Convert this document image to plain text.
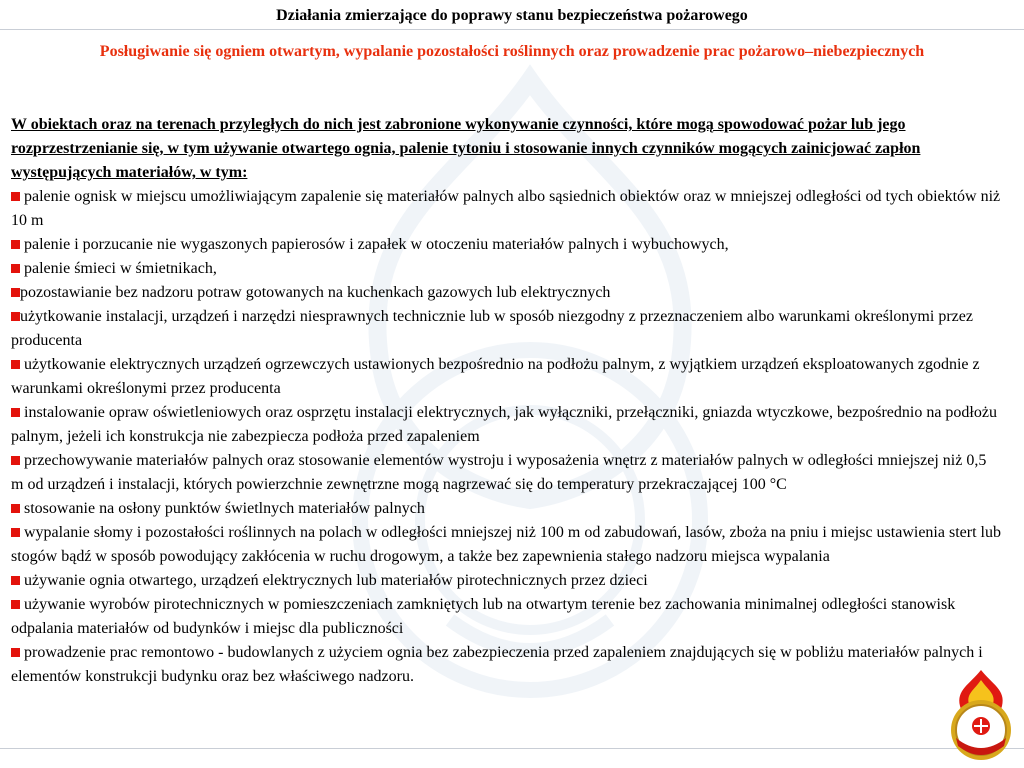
Działania zmierzające do poprawy stanu bezpieczeństwa pożarowego
Posługiwanie się ogniem otwartym, wypalanie pozostałości roślinnych oraz prowadzenie prac pożarowo–niebezpiecznych

W obiektach oraz na terenach przyległych do nich jest zabronione wykonywanie czynności, które mogą spowodować pożar lub jego rozprzestrzenianie się, w tym używanie otwartego ognia, palenie tytoniu i stosowanie innych czynników mogących zainicjować zapłon występujących materiałów, w tym:

palenie ognisk w miejscu umożliwiającym zapalenie się materiałów palnych albo sąsiednich obiektów oraz w mniejszej odległości od tych obiektów niż 10 m

palenie i porzucanie nie wygaszonych papierosów i zapałek w otoczeniu materiałów palnych i wybuchowych,

palenie śmieci w śmietnikach,

pozostawianie bez nadzoru potraw gotowanych na kuchenkach gazowych lub elektrycznych

użytkowanie instalacji, urządzeń i narzędzi niesprawnych technicznie lub w sposób niezgodny z przeznaczeniem albo warunkami określonymi przez producenta

użytkowanie elektrycznych urządzeń ogrzewczych ustawionych bezpośrednio na podłożu palnym, z wyjątkiem urządzeń eksploatowanych zgodnie z warunkami określonymi przez producenta

instalowanie opraw oświetleniowych oraz osprzętu instalacji elektrycznych, jak wyłączniki, przełączniki, gniazda wtyczkowe, bezpośrednio na podłożu palnym, jeżeli ich konstrukcja nie zabezpiecza podłoża przed zapaleniem

przechowywanie materiałów palnych oraz stosowanie elementów wystroju i wyposażenia wnętrz z materiałów palnych w odległości mniejszej niż 0,5 m od urządzeń i instalacji, których powierzchnie zewnętrzne mogą nagrzewać się do temperatury przekraczającej 100 °C

stosowanie na osłony punktów świetlnych materiałów palnych

wypalanie słomy i pozostałości roślinnych na polach w odległości mniejszej niż 100 m od zabudowań, lasów, zboża na pniu i miejsc ustawienia stert lub stogów bądź w sposób powodujący zakłócenia w ruchu drogowym, a także bez zapewnienia stałego nadzoru miejsca wypalania

używanie ognia otwartego, urządzeń elektrycznych lub materiałów pirotechnicznych przez dzieci

używanie wyrobów pirotechnicznych w pomieszczeniach zamkniętych lub na otwartym terenie bez zachowania minimalnej odległości stanowisk odpalania materiałów od budynków i miejsc dla publiczności

prowadzenie prac remontowo - budowlanych z użyciem ognia bez zabezpieczenia przed zapaleniem znajdujących się w pobliżu materiałów palnych i elementów konstrukcji budynku oraz bez właściwego nadzoru.
